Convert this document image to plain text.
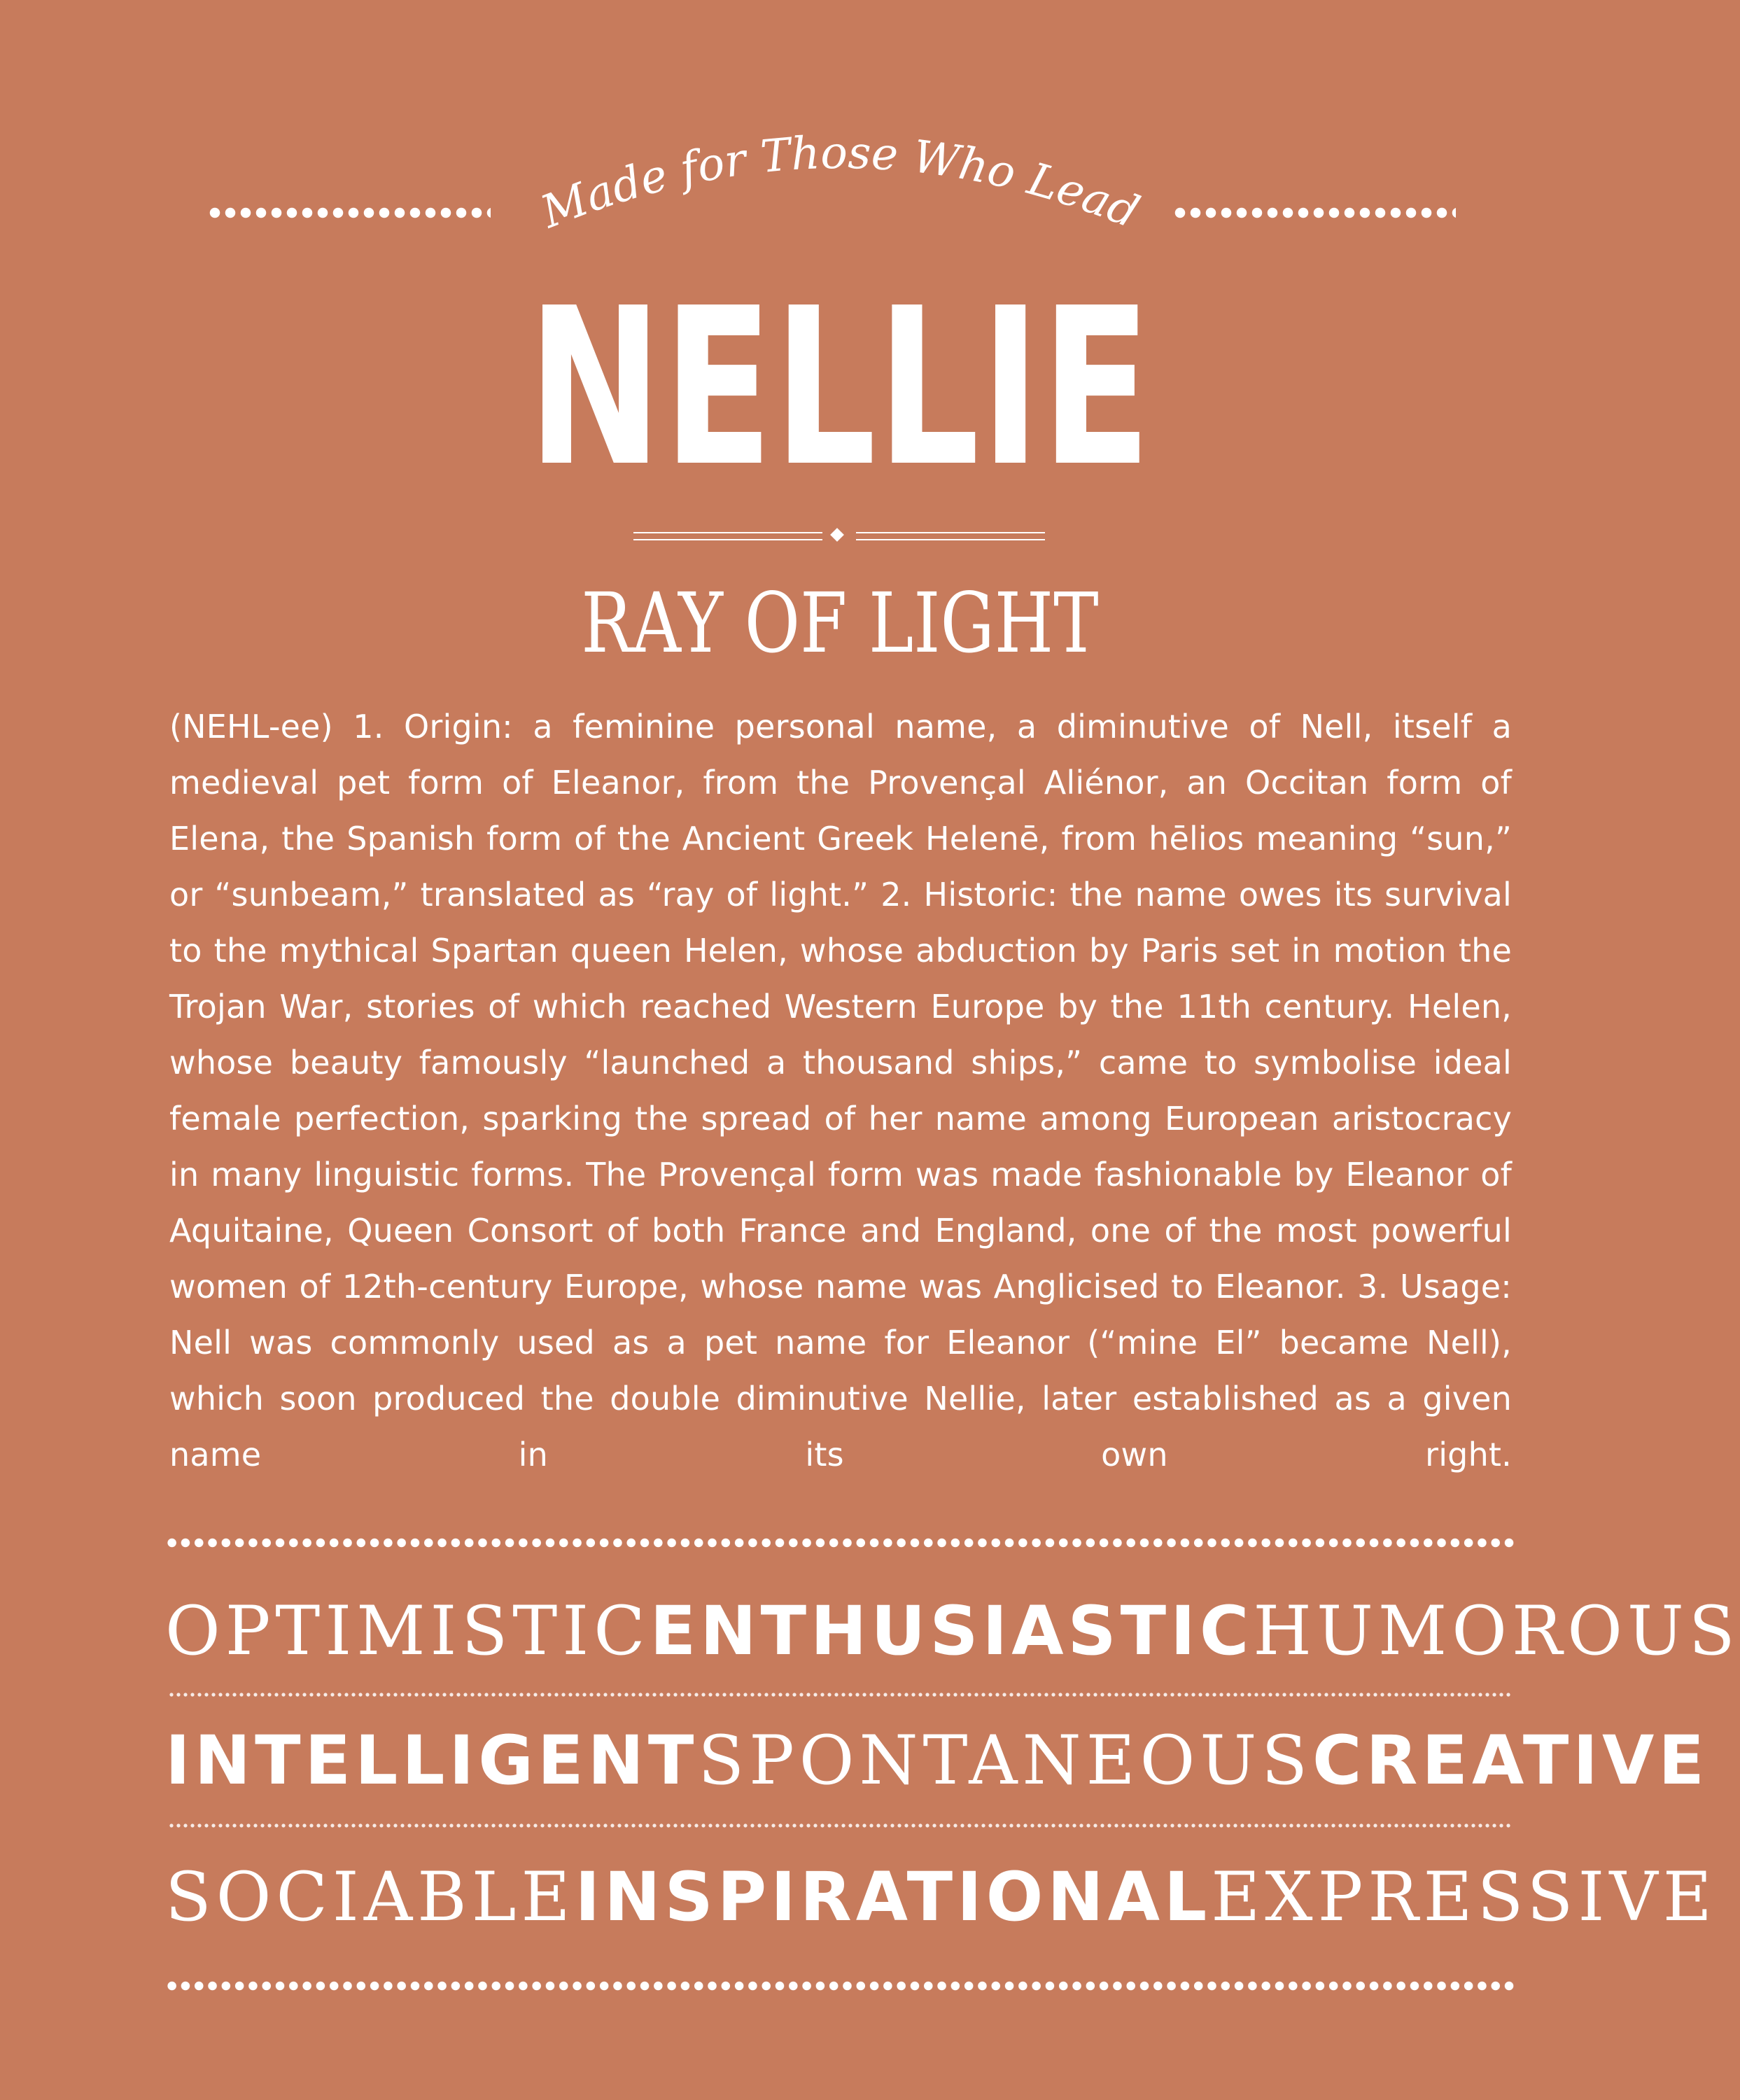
Made for Those Who Lead
NELLIE
RAY OF LIGHT

(NEHL-ee) 1. Origin: a feminine personal name, a diminutive of Nell, itself a medieval pet form of Eleanor, from the Provençal Aliénor, an Occitan form of Elena, the Spanish form of the Ancient Greek Helenē, from hēlios meaning “sun,” or “sunbeam,” translated as “ray of light.” 2. Historic: the name owes its survival to the mythical Spartan queen Helen, whose abduction by Paris set in motion the Trojan War, stories of which reached Western Europe by the 11th century. Helen, whose beauty famously “launched a thousand ships,” came to symbolise ideal female perfection, sparking the spread of her name among European aristocracy in many linguistic forms. The Provençal form was made fashionable by Eleanor of Aquitaine, Queen Consort of both France and England, one of the most powerful women of 12th-century Europe, whose name was Anglicised to Eleanor. 3. Usage: Nell was commonly used as a pet name for Eleanor (“mine El” became Nell), which soon produced the double diminutive Nellie, later established as a given name in its own right.

OPTIMISTIC ENTHUSIASTIC HUMOROUS
INTELLIGENT SPONTANEOUS CREATIVE
SOCIABLE INSPIRATIONAL EXPRESSIVE
